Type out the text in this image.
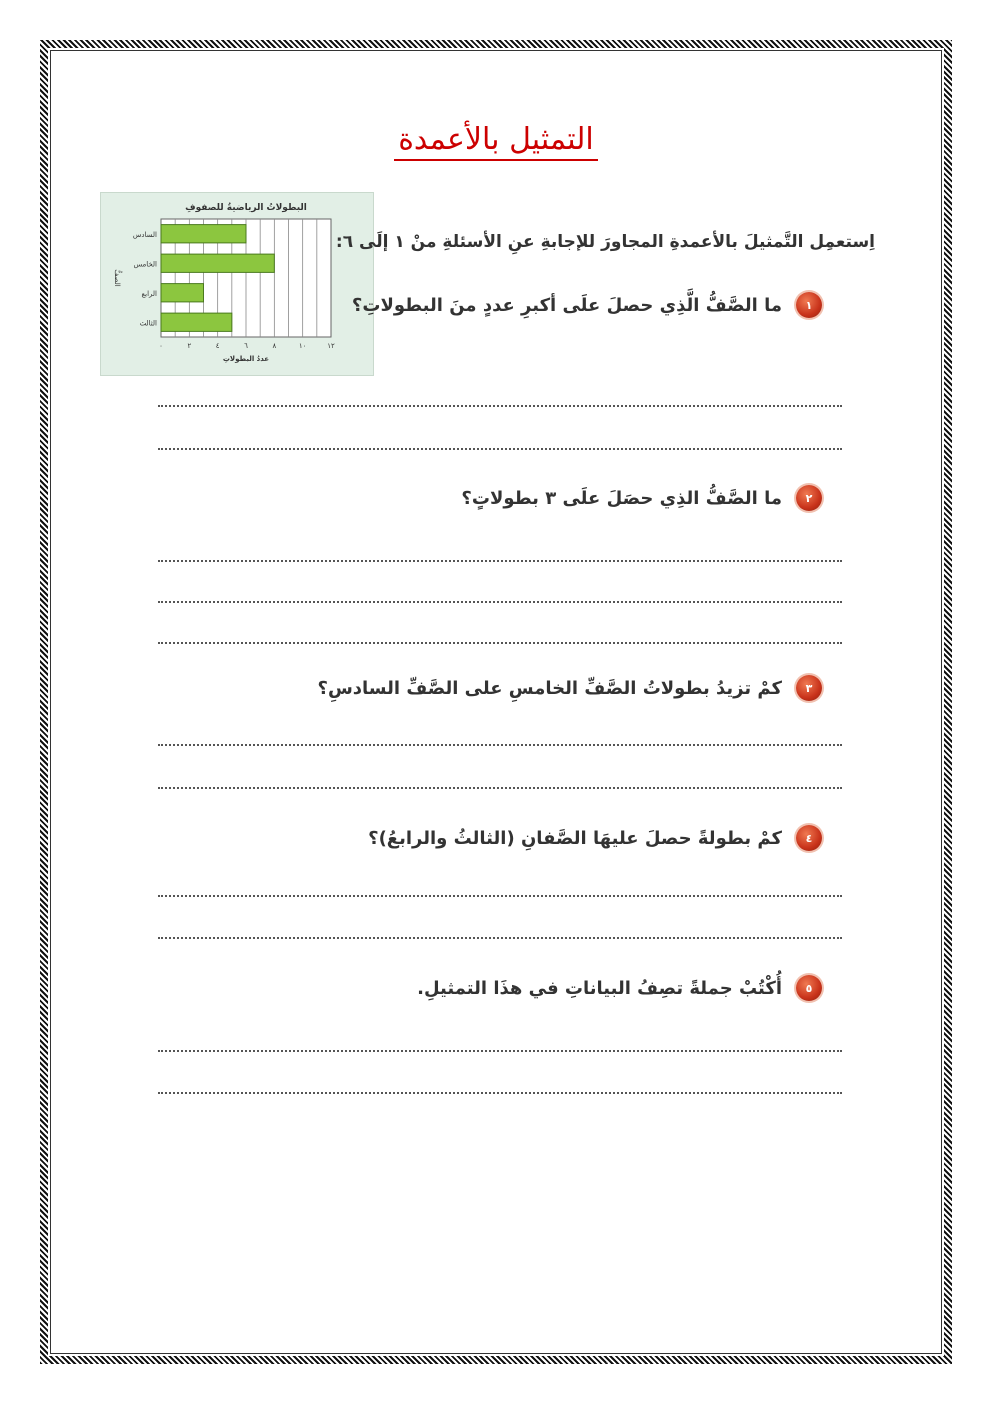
التمثيل بالأعمدة
البطولاتُ الرياضيةُ للصفوفِ
السادس
الخامس
الرابع
الثالث
٠	٢	٤	٦	٨	١٠	١٢
عددُ البطولاتِ
الصفُّ
اِستعمِل التَّمثيلَ بالأعمدةِ المجاورَ للإجابةِ عنِ الأسئلةِ منْ ١ إلَى ٦:
١
ما الصَّفُّ الَّذِي حصلَ علَى أكبرِ عددٍ منَ البطولاتِ؟
٢
ما الصَّفُّ الذِي حصَلَ علَى ٣ بطولاتٍ؟
٣
كمْ تزيدُ بطولاتُ الصَّفِّ الخامسِ على الصَّفِّ السادسِ؟
٤
كمْ بطولةً حصلَ عليهَا الصَّفانِ (الثالثُ والرابعُ)؟
٥
أُكْتُبْ جملةً تصِفُ البياناتِ في هذَا التمثيلِ.
